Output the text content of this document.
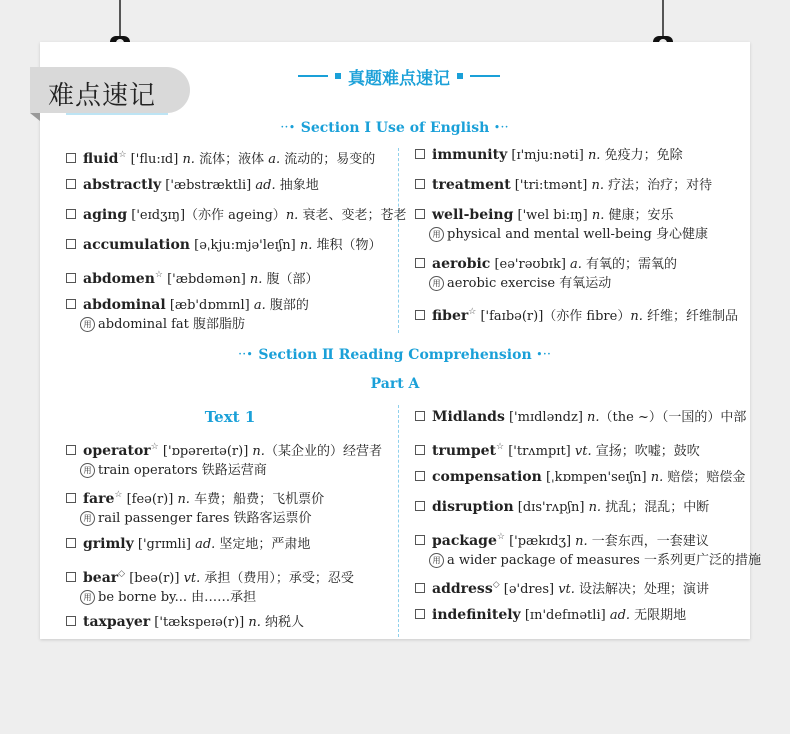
难点速记
真题难点速记
··• Section Ⅰ Use of English •··
fluid☆ ['flu:ɪd] n. 流体；液体 a. 流动的；易变的
abstractly ['æbstræktli] ad. 抽象地
aging ['eɪdʒɪŋ]（亦作 ageing）n. 衰老、变老；苍老
accumulation [əˌkju:mjə'leɪʃn] n. 堆积（物）
abdomen☆ ['æbdəmən] n. 腹（部）
abdominal [æb'dɒmɪnl] a. 腹部的
用 abdominal fat 腹部脂肪
immunity [ɪ'mju:nəti] n. 免疫力；免除
treatment ['tri:tmənt] n. 疗法；治疗；对待
well-being ['wel bi:ɪŋ] n. 健康；安乐
用 physical and mental well-being 身心健康
aerobic [eə'rəʊbɪk] a. 有氧的；需氧的
用 aerobic exercise 有氧运动
fiber☆ ['faɪbə(r)]（亦作 fibre）n. 纤维；纤维制品
··• Section Ⅱ Reading Comprehension •··
Part A
Text 1
operator☆ ['ɒpəreɪtə(r)] n.（某企业的）经营者
用 train operators 铁路运营商
fare☆ [feə(r)] n. 车费；船费；飞机票价
用 rail passenger fares 铁路客运票价
grimly ['grɪmli] ad. 坚定地；严肃地
bear◇ [beə(r)] vt. 承担（费用）；承受；忍受
用 be borne by... 由……承担
taxpayer ['tækspeɪə(r)] n. 纳税人
Midlands ['mɪdləndz] n.（the ~）（一国的）中部
trumpet☆ ['trʌmpɪt] vt. 宣扬；吹嘘；鼓吹
compensation [ˌkɒmpen'seɪʃn] n. 赔偿；赔偿金
disruption [dɪs'rʌpʃn] n. 扰乱；混乱；中断
package☆ ['pækɪdʒ] n. 一套东西，一套建议
用 a wider package of measures 一系列更广泛的措施
address◇ [ə'dres] vt. 设法解决；处理；演讲
indefinitely [ɪn'defɪnətli] ad. 无限期地
